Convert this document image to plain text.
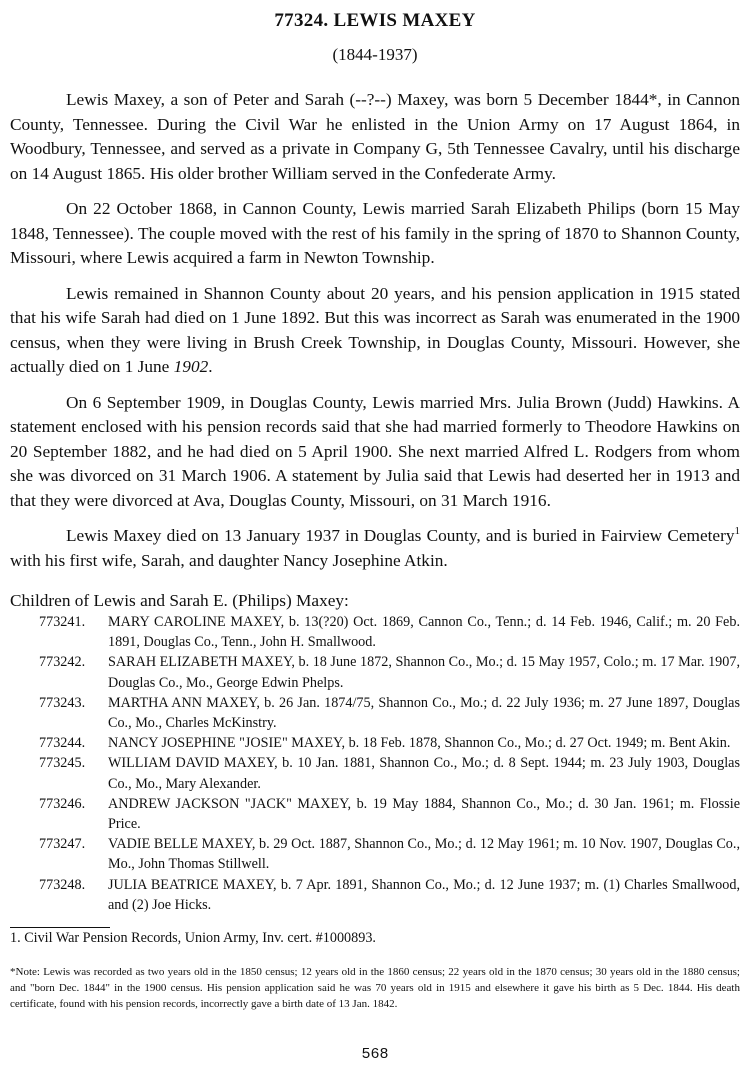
77324. LEWIS MAXEY
(1844-1937)

Lewis Maxey, a son of Peter and Sarah (--?--) Maxey, was born 5 December 1844*, in Cannon County, Tennessee. During the Civil War he enlisted in the Union Army on 17 August 1864, in Woodbury, Tennessee, and served as a private in Company G, 5th Tennessee Cavalry, until his discharge on 14 August 1865. His older brother William served in the Confederate Army.

On 22 October 1868, in Cannon County, Lewis married Sarah Elizabeth Philips (born 15 May 1848, Tennessee). The couple moved with the rest of his family in the spring of 1870 to Shannon County, Missouri, where Lewis acquired a farm in Newton Township.

Lewis remained in Shannon County about 20 years, and his pension application in 1915 stated that his wife Sarah had died on 1 June 1892. But this was incorrect as Sarah was enumerated in the 1900 census, when they were living in Brush Creek Township, in Douglas County, Missouri. However, she actually died on 1 June 1902.

On 6 September 1909, in Douglas County, Lewis married Mrs. Julia Brown (Judd) Hawkins. A statement enclosed with his pension records said that she had married formerly to Theodore Hawkins on 20 September 1882, and he had died on 5 April 1900. She next married Alfred L. Rodgers from whom she was divorced on 31 March 1906. A statement by Julia said that Lewis had deserted her in 1913 and that they were divorced at Ava, Douglas County, Missouri, on 31 March 1916.

Lewis Maxey died on 13 January 1937 in Douglas County, and is buried in Fairview Cemetery$^1$ with his first wife, Sarah, and daughter Nancy Josephine Atkin.

Children of Lewis and Sarah E. (Philips) Maxey:
773241.	MARY CAROLINE MAXEY, b. 13(?20) Oct. 1869, Cannon Co., Tenn.; d. 14 Feb. 1946, Calif.; m. 20 Feb. 1891, Douglas Co., Tenn., John H. Smallwood.
773242.	SARAH ELIZABETH MAXEY, b. 18 June 1872, Shannon Co., Mo.; d. 15 May 1957, Colo.; m. 17 Mar. 1907, Douglas Co., Mo., George Edwin Phelps.
773243.	MARTHA ANN MAXEY, b. 26 Jan. 1874/75, Shannon Co., Mo.; d. 22 July 1936; m. 27 June 1897, Douglas Co., Mo., Charles McKinstry.
773244.	NANCY JOSEPHINE "JOSIE" MAXEY, b. 18 Feb. 1878, Shannon Co., Mo.; d. 27 Oct. 1949; m. Bent Akin.
773245.	WILLIAM DAVID MAXEY, b. 10 Jan. 1881, Shannon Co., Mo.; d. 8 Sept. 1944; m. 23 July 1903, Douglas Co., Mo., Mary Alexander.
773246.	ANDREW JACKSON "JACK" MAXEY, b. 19 May 1884, Shannon Co., Mo.; d. 30 Jan. 1961; m. Flossie Price.
773247.	VADIE BELLE MAXEY, b. 29 Oct. 1887, Shannon Co., Mo.; d. 12 May 1961; m. 10 Nov. 1907, Douglas Co., Mo., John Thomas Stillwell.
773248.	JULIA BEATRICE MAXEY, b. 7 Apr. 1891, Shannon Co., Mo.; d. 12 June 1937; m. (1) Charles Smallwood, and (2) Joe Hicks.
1. Civil War Pension Records, Union Army, Inv. cert. #1000893.
*Note: Lewis was recorded as two years old in the 1850 census; 12 years old in the 1860 census; 22 years old in the 1870 census; 30 years old in the 1880 census; and "born Dec. 1844" in the 1900 census. His pension application said he was 70 years old in 1915 and elsewhere it gave his birth as 5 Dec. 1844. His death certificate, found with his pension records, incorrectly gave a birth date of 13 Jan. 1842.
568
